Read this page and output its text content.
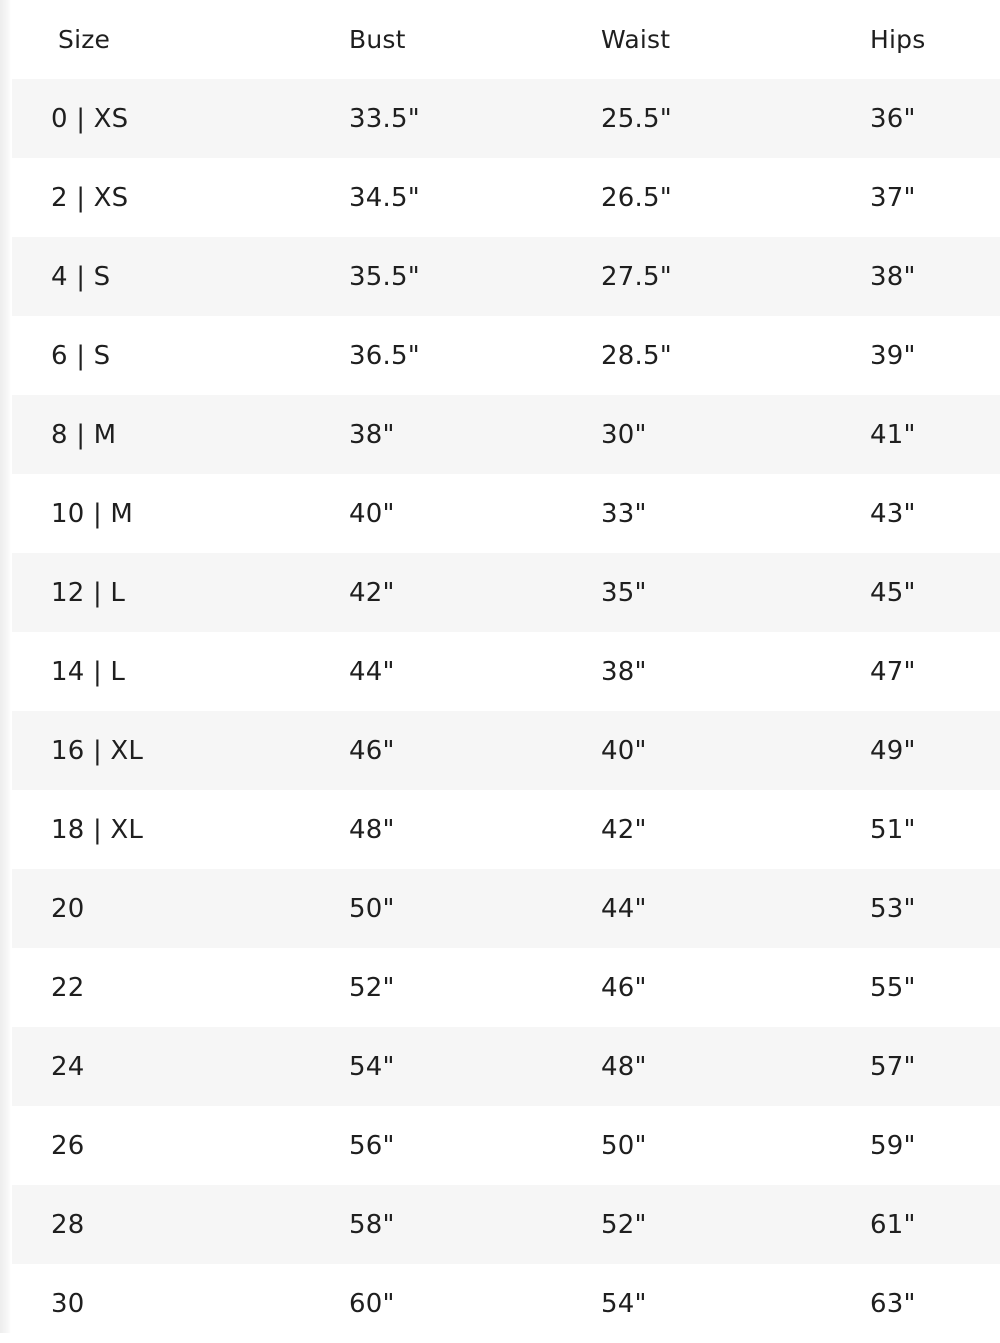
Size	Bust	Waist	Hips
0 | XS	33.5"	25.5"	36"
2 | XS	34.5"	26.5"	37"
4 | S	35.5"	27.5"	38"
6 | S	36.5"	28.5"	39"
8 | M	38"	30"	41"
10 | M	40"	33"	43"
12 | L	42"	35"	45"
14 | L	44"	38"	47"
16 | XL	46"	40"	49"
18 | XL	48"	42"	51"
20	50"	44"	53"
22	52"	46"	55"
24	54"	48"	57"
26	56"	50"	59"
28	58"	52"	61"
30	60"	54"	63"
